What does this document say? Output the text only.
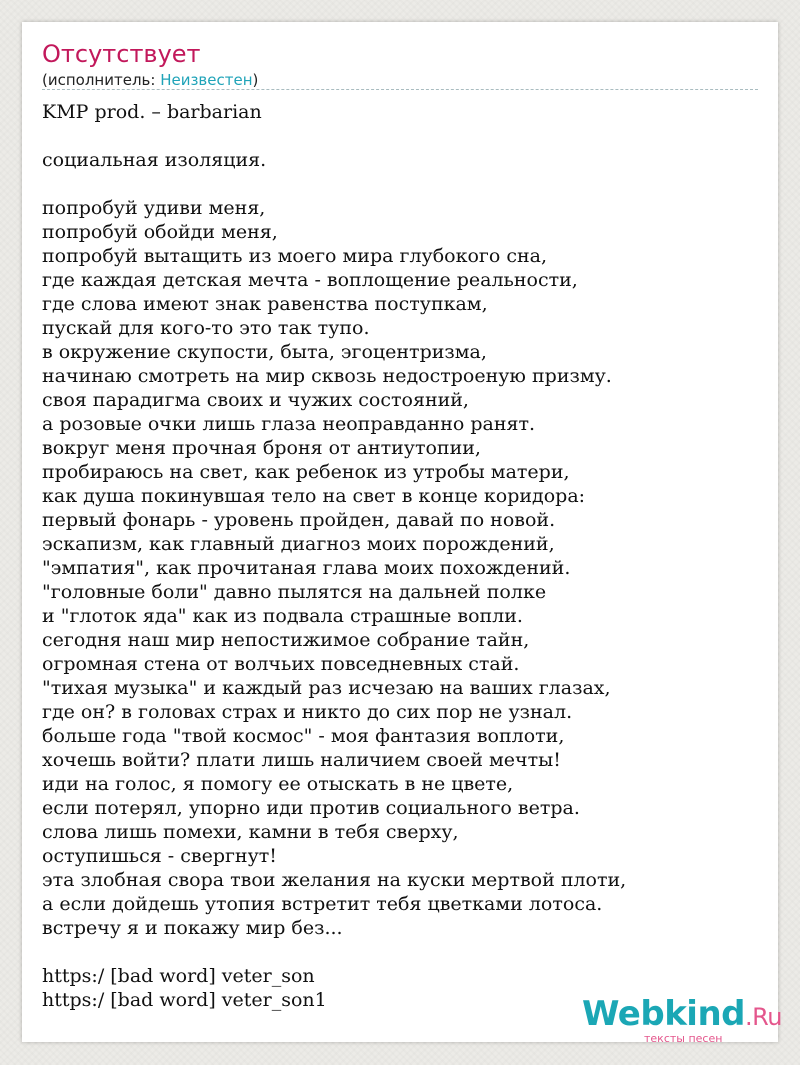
Отсутствует
(исполнитель: Неизвестен)
KMP prod. – barbarian
социальная изоляция.
попробуй удиви меня,
попробуй обойди меня,
попробуй вытащить из моего мира глубокого сна,
где каждая детская мечта - воплощение реальности,
где слова имеют знак равенства поступкам,
пускай для кого-то это так тупо.
в окружение скупости, быта, эгоцентризма,
начинаю смотреть на мир сквозь недостроеную призму.
своя парадигма своих и чужих состояний,
а розовые очки лишь глаза неоправданно ранят.
вокруг меня прочная броня от антиутопии,
пробираюсь на свет, как ребенок из утробы матери,
как душа покинувшая тело на свет в конце коридора:
первый фонарь - уровень пройден, давай по новой.
эскапизм, как главный диагноз моих порождений,
"эмпатия", как прочитаная глава моих похождений.
"головные боли" давно пылятся на дальней полке
и "глоток яда" как из подвала страшные вопли.
сегодня наш мир непостижимое собрание тайн,
огромная стена от волчьих повседневных стай.
"тихая музыка" и каждый раз исчезаю на ваших глазах,
где он? в головах страх и никто до сих пор не узнал.
больше года "твой космос" - моя фантазия воплоти,
хочешь войти? плати лишь наличием своей мечты!
иди на голос, я помогу ее отыскать в не цвете,
если потерял, упорно иди против социального ветра.
слова лишь помехи, камни в тебя сверху,
оступишься - свергнут!
эта злобная свора твои желания на куски мертвой плоти,
а если дойдешь утопия встретит тебя цветками лотоса.
встречу я и покажу мир без...
https:/ [bad word] veter_son
https:/ [bad word] veter_son1	Webkind.Ru
тексты песен
